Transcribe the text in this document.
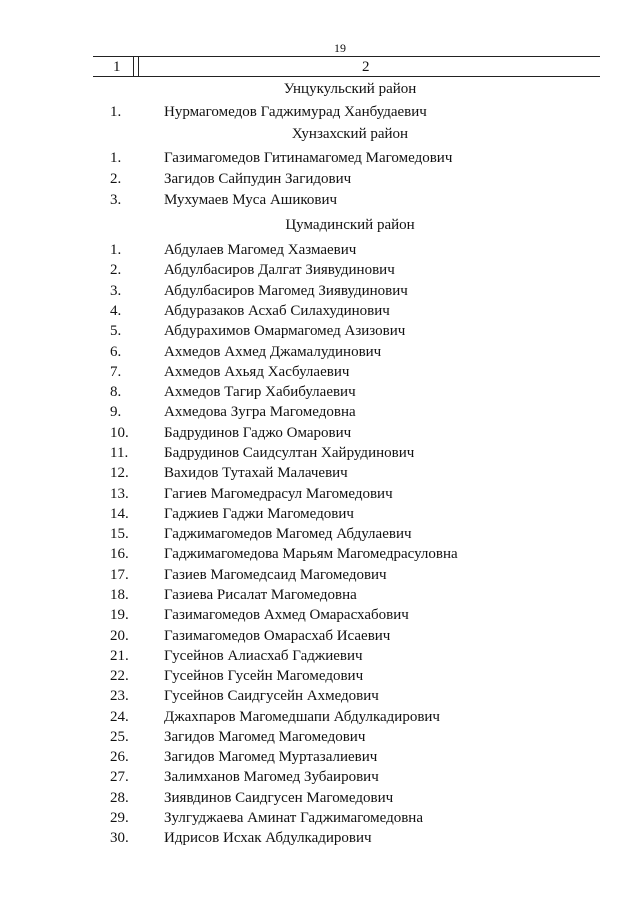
19
1	2
Унцукульский район
1.	Нурмагомедов Гаджимурад Ханбудаевич
Хунзахский район
1.	Газимагомедов Гитинамагомед Магомедович
2.	Загидов Сайпудин Загидович
3.	Мухумаев Муса Ашикович
Цумадинский район
1.	Абдулаев Магомед Хазмаевич
2.	Абдулбасиров Далгат Зиявудинович
3.	Абдулбасиров Магомед Зиявудинович
4.	Абдуразаков Асхаб Силахудинович
5.	Абдурахимов Омармагомед Азизович
6.	Ахмедов Ахмед Джамалудинович
7.	Ахмедов Ахьяд Хасбулаевич
8.	Ахмедов Тагир Хабибулаевич
9.	Ахмедова Зугра Магомедовна
10. Бадрудинов Гаджо Омарович
11. Бадрудинов Саидсултан Хайрудинович
12. Вахидов Тутахай Малачевич
13. Гагиев Магомедрасул Магомедович
14. Гаджиев Гаджи Магомедович
15. Гаджимагомедов Магомед Абдулаевич
16. Гаджимагомедова Марьям Магомедрасуловна
17. Газиев Магомедсаид Магомедович
18. Газиева Рисалат Магомедовна
19. Газимагомедов Ахмед Омарасхабович
20. Газимагомедов Омарасхаб Исаевич
21. Гусейнов Алиасхаб Гаджиевич
22. Гусейнов Гусейн Магомедович
23. Гусейнов Саидгусейн Ахмедович
24. Джахпаров Магомедшапи Абдулкадирович
25. Загидов Магомед Магомедович
26. Загидов Магомед Муртазалиевич
27. Залимханов Магомед Зубаирович
28. Зиявдинов Саидгусен Магомедович
29. Зулгуджаева Аминат Гаджимагомедовна
30. Идрисов Исхак Абдулкадирович
